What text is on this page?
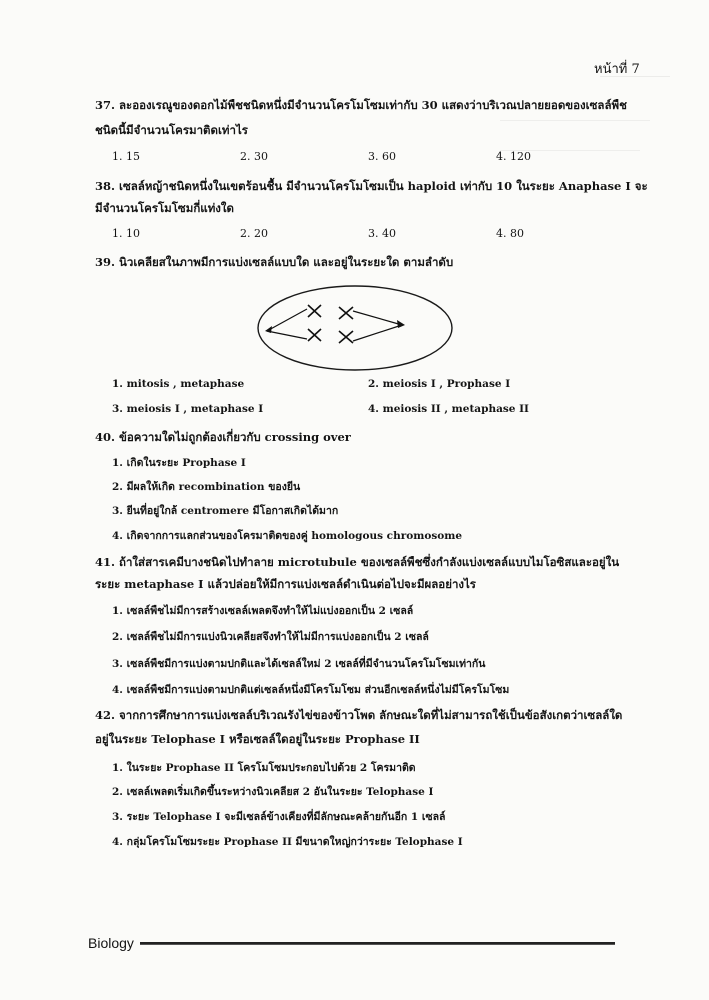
หน้าที่ 7
37. ละอองเรณูของดอกไม้พืชชนิดหนึ่งมีจำนวนโครโมโซมเท่ากับ 30 แสดงว่าบริเวณปลายยอดของเซลล์พืช
ชนิดนี้มีจำนวนโครมาติดเท่าไร
1. 15	2. 30	3. 60	4. 120
38. เซลล์หญ้าชนิดหนึ่งในเขตร้อนชื้น มีจำนวนโครโมโซมเป็น haploid เท่ากับ 10 ในระยะ Anaphase I จะ
มีจำนวนโครโมโซมกี่แท่งใด
1. 10	2. 20	3. 40	4. 80
39. นิวเคลียสในภาพมีการแบ่งเซลล์แบบใด และอยู่ในระยะใด ตามลำดับ
1. mitosis , metaphase	2. meiosis I , Prophase I
3. meiosis I , metaphase I	4. meiosis II , metaphase II
40. ข้อความใดไม่ถูกต้องเกี่ยวกับ crossing over
1. เกิดในระยะ Prophase I
2. มีผลให้เกิด recombination ของยีน
3. ยีนที่อยู่ใกล้ centromere มีโอกาสเกิดได้มาก
4. เกิดจากการแลกส่วนของโครมาติดของคู่ homologous chromosome
41. ถ้าใส่สารเคมีบางชนิดไปทำลาย microtubule ของเซลล์พืชซึ่งกำลังแบ่งเซลล์แบบไมโอซิสและอยู่ใน
ระยะ metaphase I แล้วปล่อยให้มีการแบ่งเซลล์ดำเนินต่อไปจะมีผลอย่างไร
1. เซลล์พืชไม่มีการสร้างเซลล์เพลตจึงทำให้ไม่แบ่งออกเป็น 2 เซลล์
2. เซลล์พืชไม่มีการแบ่งนิวเคลียสจึงทำให้ไม่มีการแบ่งออกเป็น 2 เซลล์
3. เซลล์พืชมีการแบ่งตามปกติและได้เซลล์ใหม่ 2 เซลล์ที่มีจำนวนโครโมโซมเท่ากัน
4. เซลล์พืชมีการแบ่งตามปกติแต่เซลล์หนึ่งมีโครโมโซม ส่วนอีกเซลล์หนึ่งไม่มีโครโมโซม
42. จากการศึกษาการแบ่งเซลล์บริเวณรังไข่ของข้าวโพด ลักษณะใดที่ไม่สามารถใช้เป็นข้อสังเกตว่าเซลล์ใด
อยู่ในระยะ Telophase I หรือเซลล์ใดอยู่ในระยะ Prophase II
1. ในระยะ Prophase II โครโมโซมประกอบไปด้วย 2 โครมาติด
2. เซลล์เพลตเริ่มเกิดขึ้นระหว่างนิวเคลียส 2 อันในระยะ Telophase I
3. ระยะ Telophase I จะมีเซลล์ข้างเคียงที่มีลักษณะคล้ายกันอีก 1 เซลล์
4. กลุ่มโครโมโซมระยะ Prophase II มีขนาดใหญ่กว่าระยะ Telophase I
Biology
